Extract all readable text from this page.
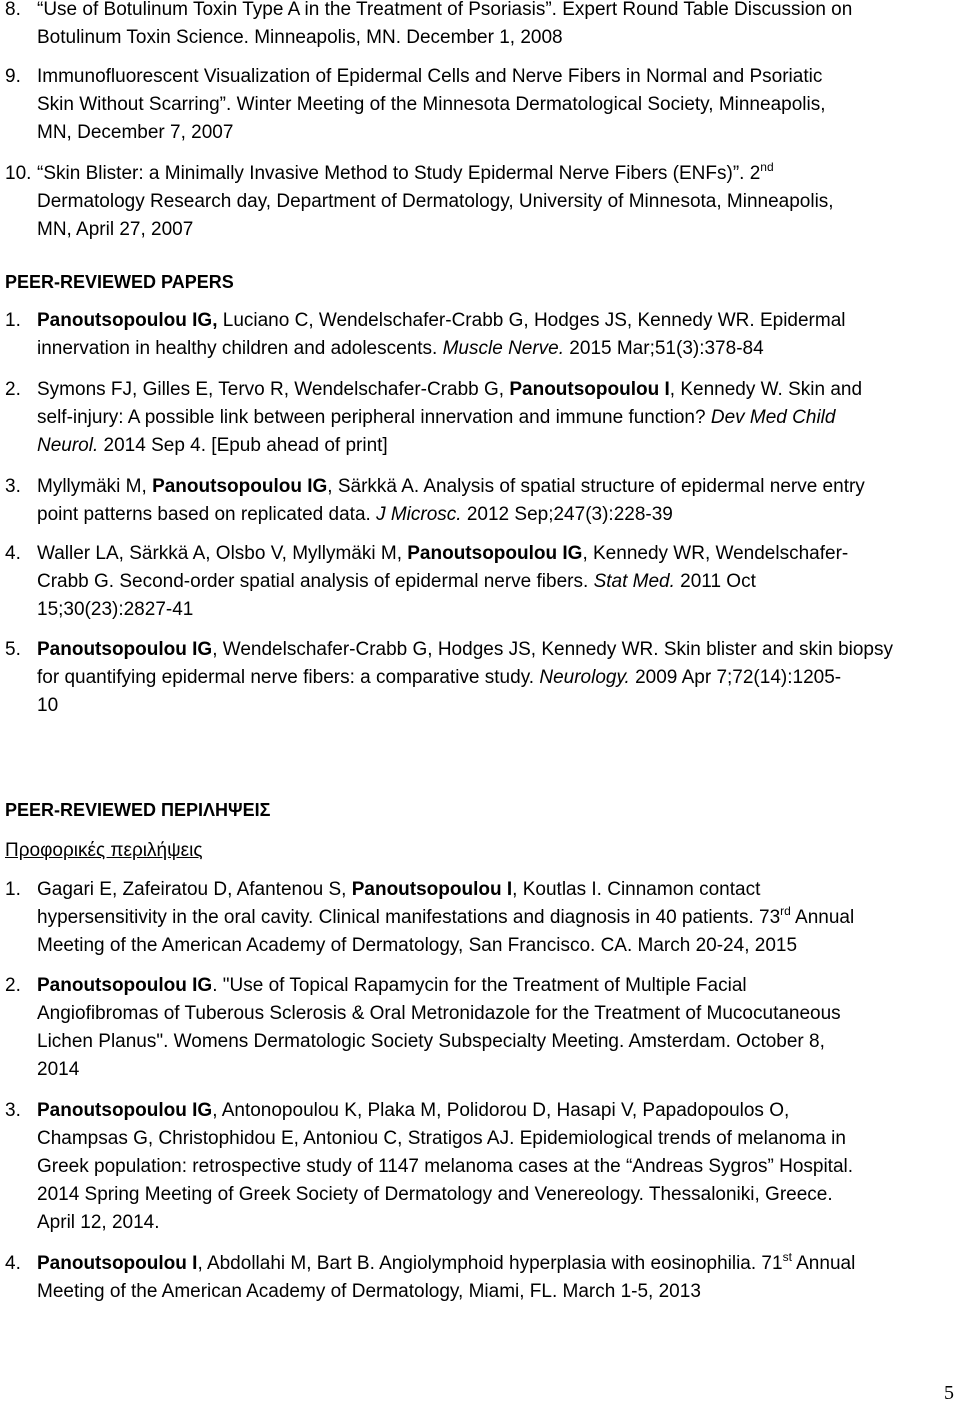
8. “Use of Botulinum Toxin Type A in the Treatment of Psoriasis”. Expert Round Table Discussion on
Botulinum Toxin Science. Minneapolis, MN. December 1, 2008
9. Immunofluorescent Visualization of Epidermal Cells and Nerve Fibers in Normal and Psoriatic
Skin Without Scarring”. Winter Meeting of the Minnesota Dermatological Society, Minneapolis,
MN, December 7, 2007
10. “Skin Blister: a Minimally Invasive Method to Study Epidermal Nerve Fibers (ENFs)”. 2nd
Dermatology Research day, Department of Dermatology, University of Minnesota, Minneapolis,
MN, April 27, 2007
PEER-REVIEWED PAPERS
1. Panoutsopoulou IG, Luciano C, Wendelschafer-Crabb G, Hodges JS, Kennedy WR. Epidermal
innervation in healthy children and adolescents. Muscle Nerve. 2015 Mar;51(3):378-84
2. Symons FJ, Gilles E, Tervo R, Wendelschafer-Crabb G, Panoutsopoulou I, Kennedy W. Skin and
self-injury: A possible link between peripheral innervation and immune function? Dev Med Child
Neurol. 2014 Sep 4. [Epub ahead of print]
3. Myllymäki M, Panoutsopoulou IG, Särkkä A. Analysis of spatial structure of epidermal nerve entry
point patterns based on replicated data. J Microsc. 2012 Sep;247(3):228-39
4. Waller LA, Särkkä A, Olsbo V, Myllymäki M, Panoutsopoulou IG, Kennedy WR, Wendelschafer-
Crabb G. Second-order spatial analysis of epidermal nerve fibers. Stat Med. 2011 Oct
15;30(23):2827-41
5. Panoutsopoulou IG, Wendelschafer-Crabb G, Hodges JS, Kennedy WR. Skin blister and skin biopsy
for quantifying epidermal nerve fibers: a comparative study. Neurology. 2009 Apr 7;72(14):1205-
10
PEER-REVIEWED ΠΕΡΙΛΗΨΕΙΣ
Προφορικές περιλήψεις
1. Gagari E, Zafeiratou D, Afantenou S, Panoutsopoulou I, Koutlas I. Cinnamon contact
hypersensitivity in the oral cavity. Clinical manifestations and diagnosis in 40 patients. 73rd Annual
Meeting of the American Academy of Dermatology, San Francisco. CA. March 20-24, 2015
2. Panoutsopoulou IG. "Use of Topical Rapamycin for the Treatment of Multiple Facial
Angiofibromas of Tuberous Sclerosis & Oral Metronidazole for the Treatment of Mucocutaneous
Lichen Planus". Womens Dermatologic Society Subspecialty Meeting. Amsterdam. October 8,
2014
3. Panoutsopoulou IG, Antonopoulou K, Plaka M, Polidorou D, Hasapi V, Papadopoulos O,
Champsas G, Christophidou E, Antoniou C, Stratigos AJ. Epidemiological trends of melanoma in
Greek population: retrospective study of 1147 melanoma cases at the “Andreas Sygros” Hospital.
2014 Spring Meeting of Greek Society of Dermatology and Venereology. Thessaloniki, Greece.
April 12, 2014.
4. Panoutsopoulou I, Abdollahi M, Bart B. Angiolymphoid hyperplasia with eosinophilia. 71st Annual
Meeting of the American Academy of Dermatology, Miami, FL. March 1-5, 2013
5
